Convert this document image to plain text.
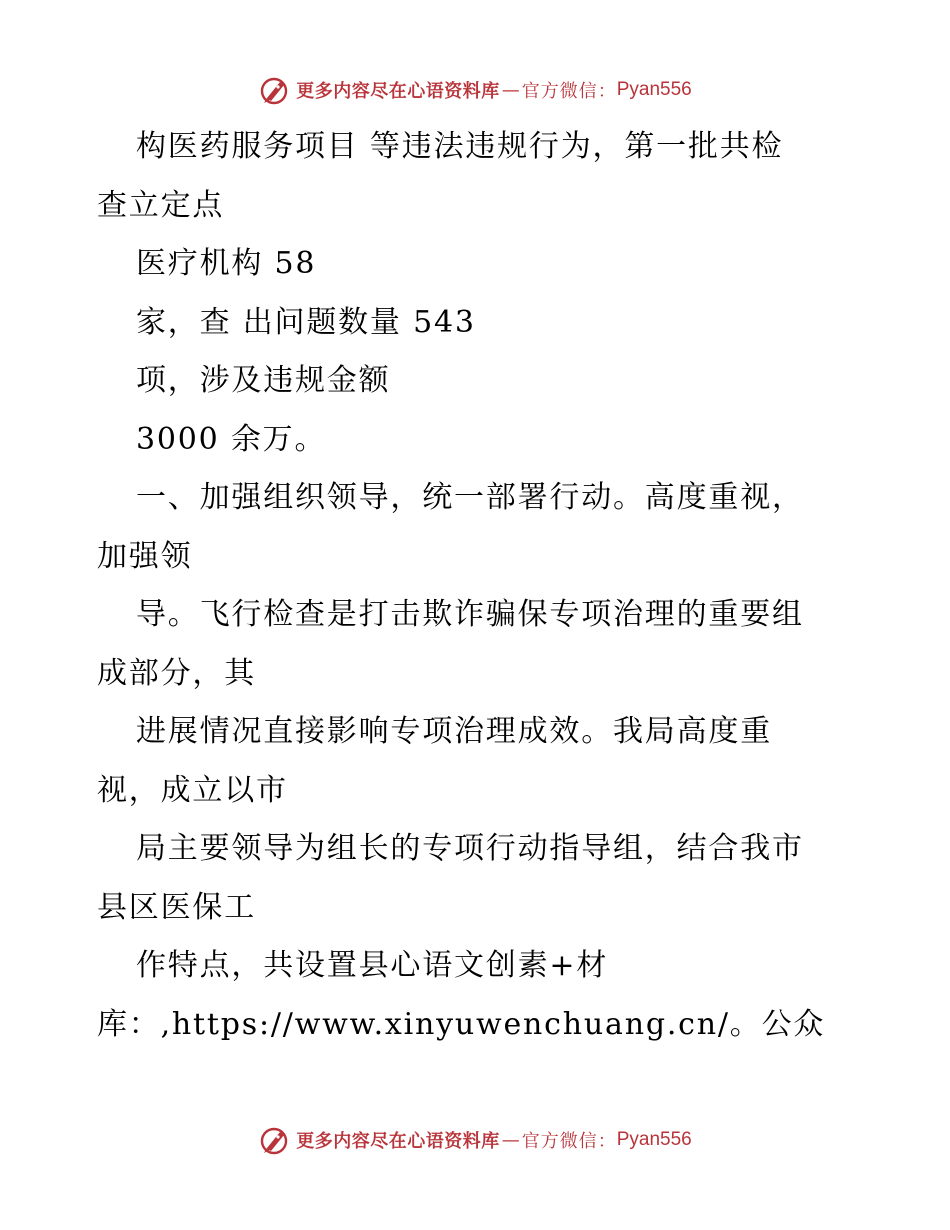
更多内容尽在心语资料库 — 官方微信： Pyan556
构医药服务项目 等违法违规行为，第一批共检
查立定点
医疗机构 58
家，查 出问题数量 543
项，涉及违规金额
3000 余万。
一、加强组织领导，统一部署行动。高度重视，
加强领
导。飞行检查是打击欺诈骗保专项治理的重要组
成部分，其
进展情况直接影响专项治理成效。我局高度重
视，成立以市
局主要领导为组长的专项行动指导组，结合我市
县区医保工
作特点，共设置县心语文创素+材
库：,https://www.xinyuwenchuang.cn/。公众
更多内容尽在心语资料库 — 官方微信： Pyan556
